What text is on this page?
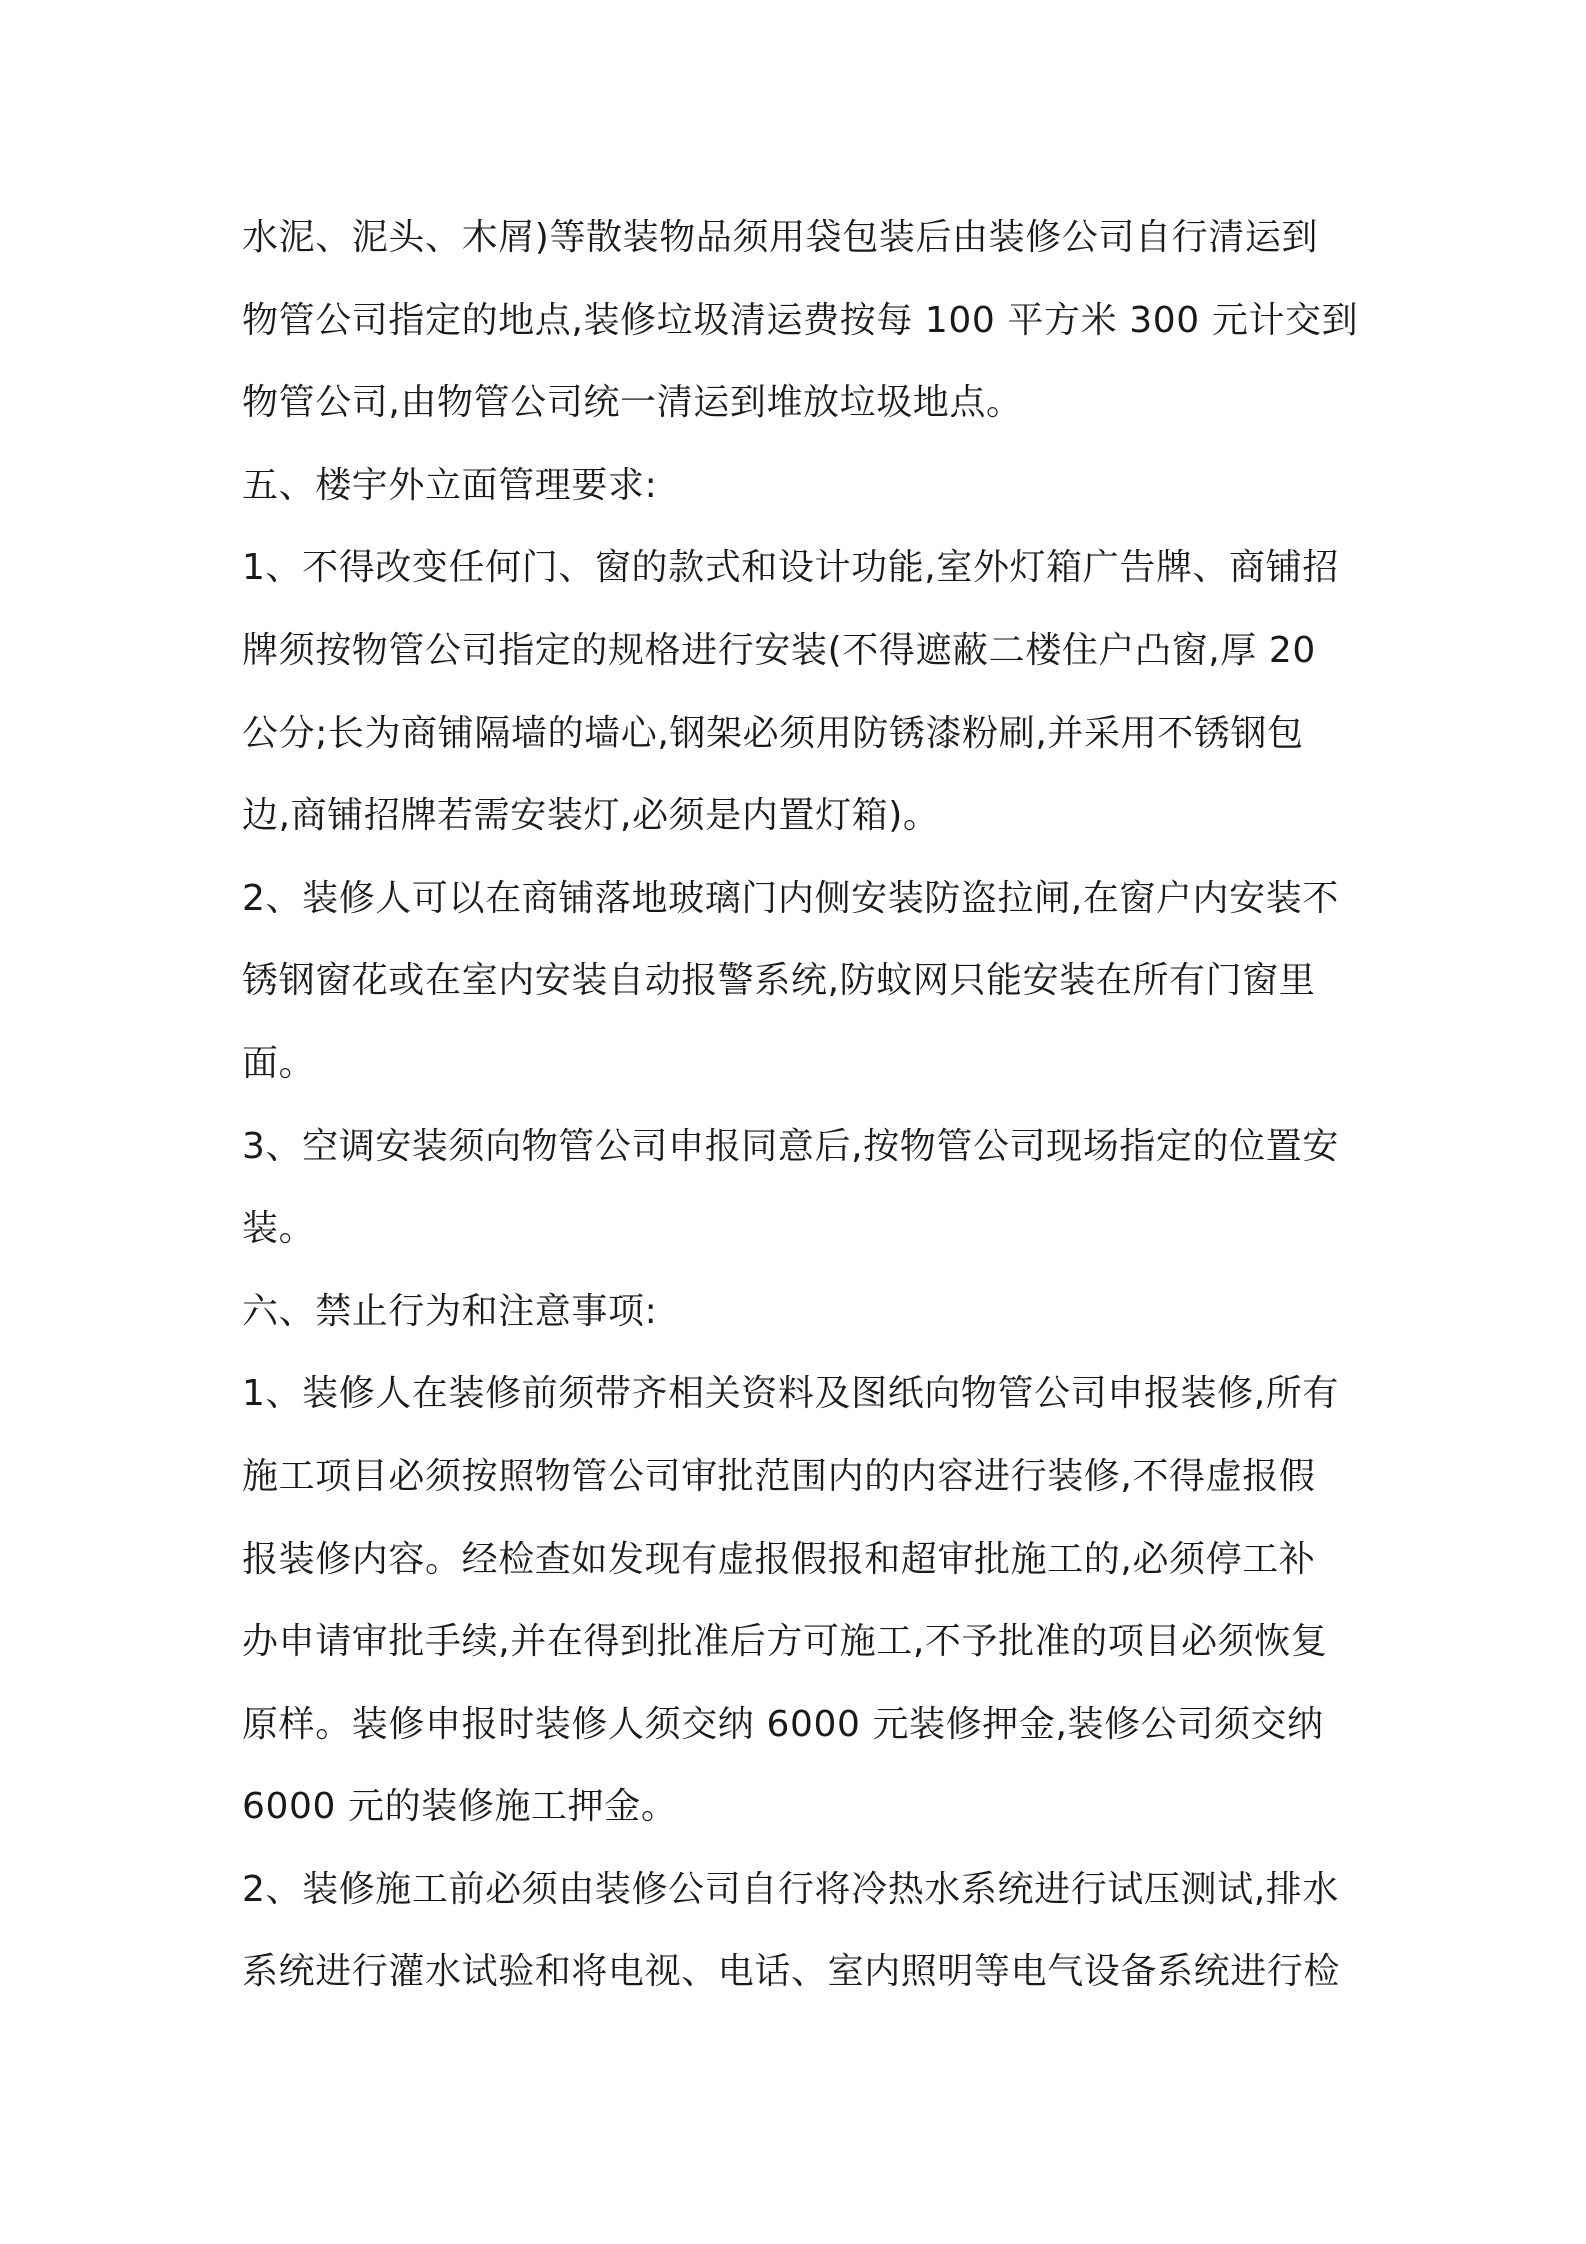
水泥、泥头、木屑)等散装物品须用袋包装后由装修公司自行清运到
物管公司指定的地点,装修垃圾清运费按每 100 平方米 300 元计交到
物管公司,由物管公司统一清运到堆放垃圾地点。
五、楼宇外立面管理要求:
1、不得改变任何门、窗的款式和设计功能,室外灯箱广告牌、商铺招
牌须按物管公司指定的规格进行安装(不得遮蔽二楼住户凸窗,厚 20
公分;长为商铺隔墙的墙心,钢架必须用防锈漆粉刷,并采用不锈钢包
边,商铺招牌若需安装灯,必须是内置灯箱)。
2、装修人可以在商铺落地玻璃门内侧安装防盗拉闸,在窗户内安装不
锈钢窗花或在室内安装自动报警系统,防蚊网只能安装在所有门窗里
面。
3、空调安装须向物管公司申报同意后,按物管公司现场指定的位置安
装。
六、禁止行为和注意事项:
1、装修人在装修前须带齐相关资料及图纸向物管公司申报装修,所有
施工项目必须按照物管公司审批范围内的内容进行装修,不得虚报假
报装修内容。经检查如发现有虚报假报和超审批施工的,必须停工补
办申请审批手续,并在得到批准后方可施工,不予批准的项目必须恢复
原样。装修申报时装修人须交纳 6000 元装修押金,装修公司须交纳
6000 元的装修施工押金。
2、装修施工前必须由装修公司自行将冷热水系统进行试压测试,排水
系统进行灌水试验和将电视、电话、室内照明等电气设备系统进行检
